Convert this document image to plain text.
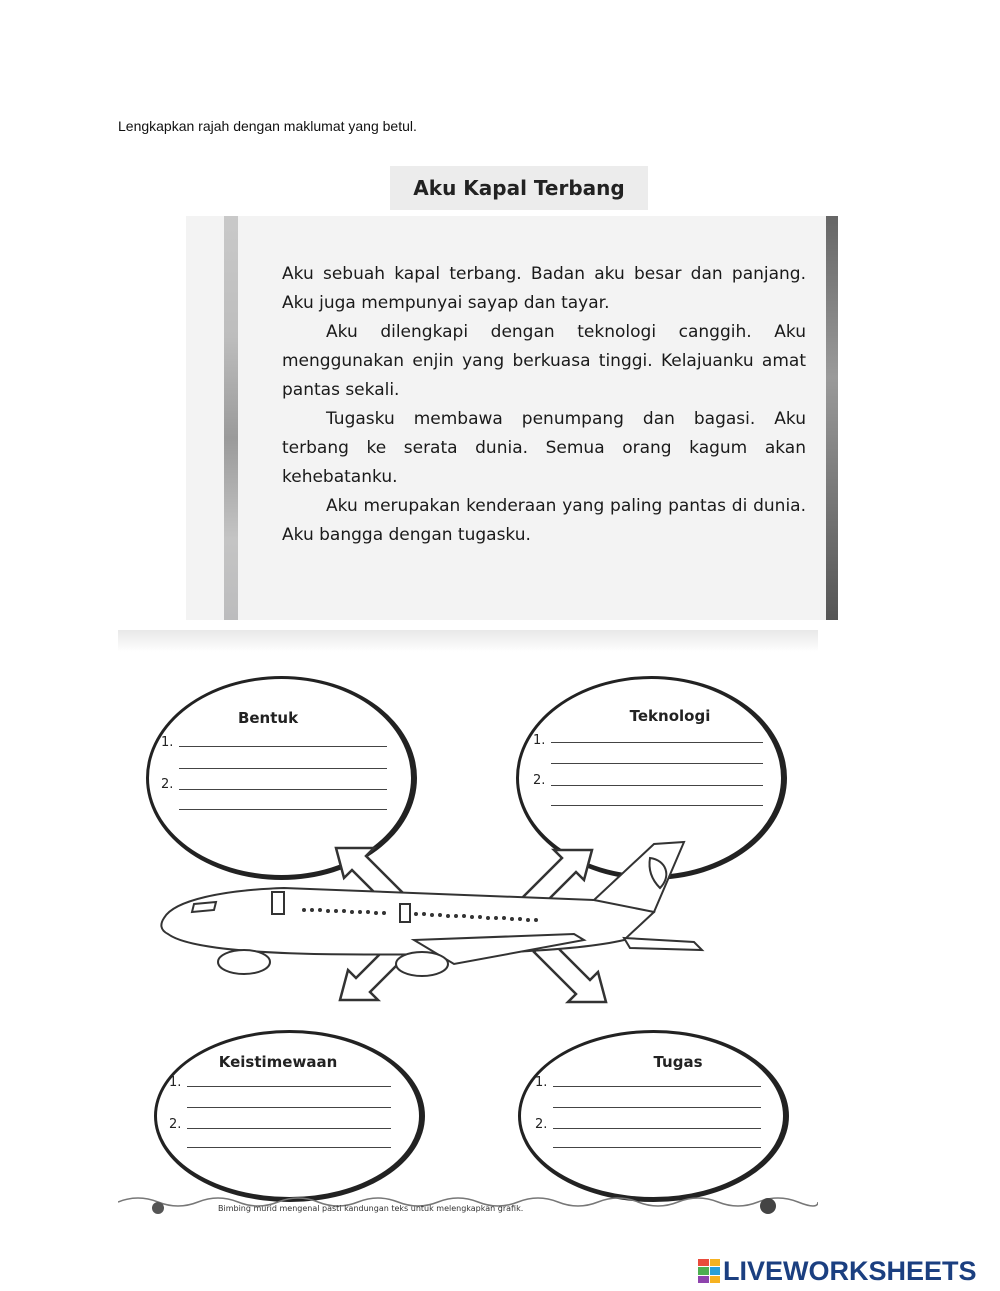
Lengkapkan rajah dengan maklumat yang betul.
Aku Kapal Terbang

Aku sebuah kapal terbang. Badan aku besar dan panjang. Aku juga mempunyai sayap dan tayar.

Aku dilengkapi dengan teknologi canggih. Aku menggunakan enjin yang berkuasa tinggi. Kelajuanku amat pantas sekali.

Tugasku membawa penumpang dan bagasi. Aku terbang ke serata dunia. Semua orang kagum akan kehebatanku.

Aku merupakan kenderaan yang paling pantas di dunia. Aku bangga dengan tugasku.

Bentuk
1.
2.
Teknologi
1.
2.
Keistimewaan
1.
2.
Tugas
1.
2.
Bimbing murid mengenal pasti kandungan teks untuk melengkapkan grafik.
LIVEWORKSHEETS
